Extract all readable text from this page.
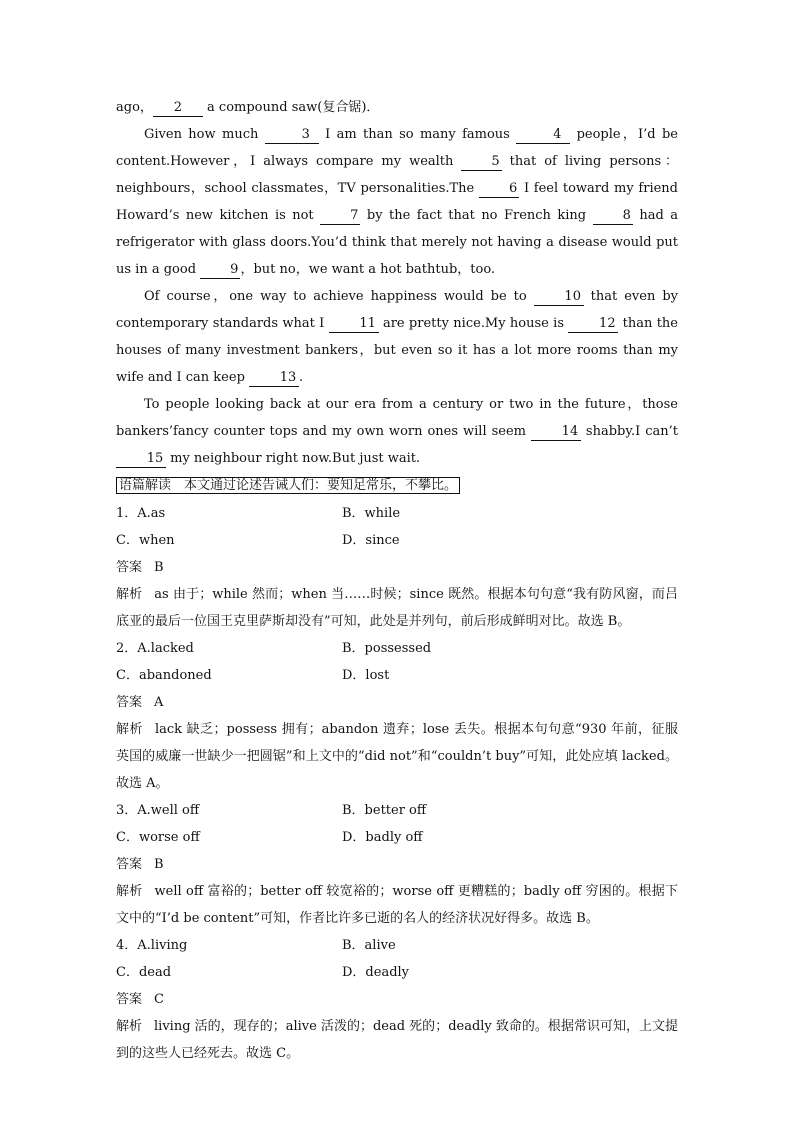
ago， 2 a compound saw(复合锯)．

Given how much	3 I am than so many famous	4 people，I’d be content.However，I always compare my wealth 5 that of living persons：neighbours，school classmates，TV personalities.The 6 I feel toward my friend Howard’s new kitchen is not 7 by the fact that no French king 8 had a refrigerator with glass doors.You’d think that merely not having a disease would put us in a good 9 ，but no，we want a hot bathtub，too.

Of course，one way to achieve happiness would be to 10 that even by contemporary standards what I 11 are pretty nice.My house is 12 than the houses of many investment bankers，but even so it has a lot more rooms than my wife and I can keep 13 .

To people looking back at our era from a century or two in the future，those bankers’fancy counter tops and my own worn ones will seem 14 shabby.I can’t 15 my neighbour right now.But just wait.

语篇解读　本文通过论述告诫人们：要知足常乐，不攀比。
1．A.as	B．while
C．when	D．since

答案 B

解析 as 由于；while 然而；when 当……时候；since 既然。根据本句句意“我有防风窗，而吕底亚的最后一位国王克里萨斯却没有”可知，此处是并列句，前后形成鲜明对比。故选 B。

2．A.lacked	B．possessed
C．abandoned	D．lost

答案 A

解析 lack 缺乏；possess 拥有；abandon 遗弃；lose 丢失。根据本句句意“930 年前，征服英国的威廉一世缺少一把圆锯”和上文中的“did not”和“couldn’t buy”可知，此处应填 lacked。故选 A。

3．A.well off	B．better off
C．worse off	D．badly off

答案 B

解析 well off 富裕的；better off 较宽裕的；worse off 更糟糕的；badly off 穷困的。根据下文中的“I’d be content”可知，作者比许多已逝的名人的经济状况好得多。故选 B。

4．A.living	B．alive
C．dead	D．deadly

答案 C

解析 living 活的，现存的；alive 活泼的；dead 死的；deadly 致命的。根据常识可知，上文提到的这些人已经死去。故选 C。
